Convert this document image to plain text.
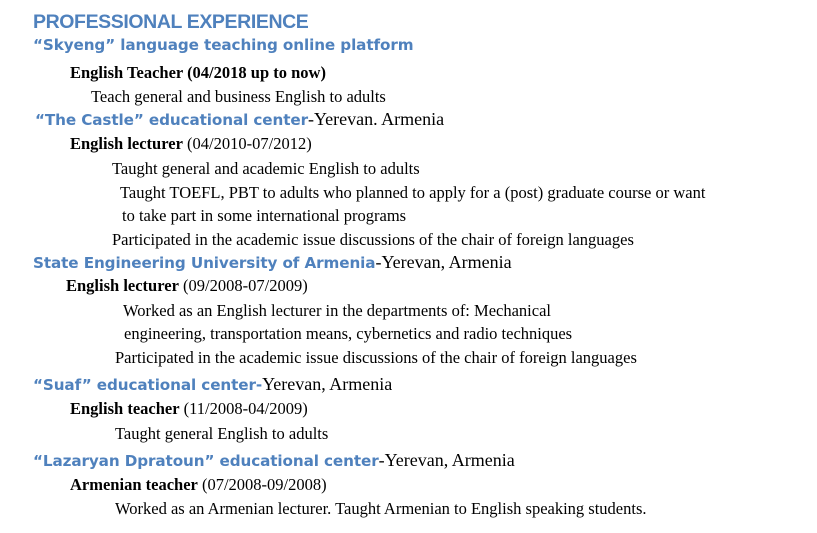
PROFESSIONAL EXPERIENCE
“Skyeng” language teaching online platform
English Teacher (04/2018 up to now)
Teach general and business English to adults
“The Castle” educational center-Yerevan. Armenia
English lecturer (04/2010-07/2012)
Taught general and academic English to adults
Taught TOEFL, PBT to adults who planned to apply for a (post) graduate course or want
to take part in some international programs
Participated in the academic issue discussions of the chair of foreign languages
State Engineering University of Armenia-Yerevan, Armenia
English lecturer (09/2008-07/2009)
Worked as an English lecturer in the departments of: Mechanical
engineering, transportation means, cybernetics and radio techniques
Participated in the academic issue discussions of the chair of foreign languages
“Suaf” educational center-Yerevan, Armenia
English teacher (11/2008-04/2009)
Taught general English to adults
“Lazaryan Dpratoun” educational center-Yerevan, Armenia
Armenian teacher (07/2008-09/2008)
Worked as an Armenian lecturer. Taught Armenian to English speaking students.
